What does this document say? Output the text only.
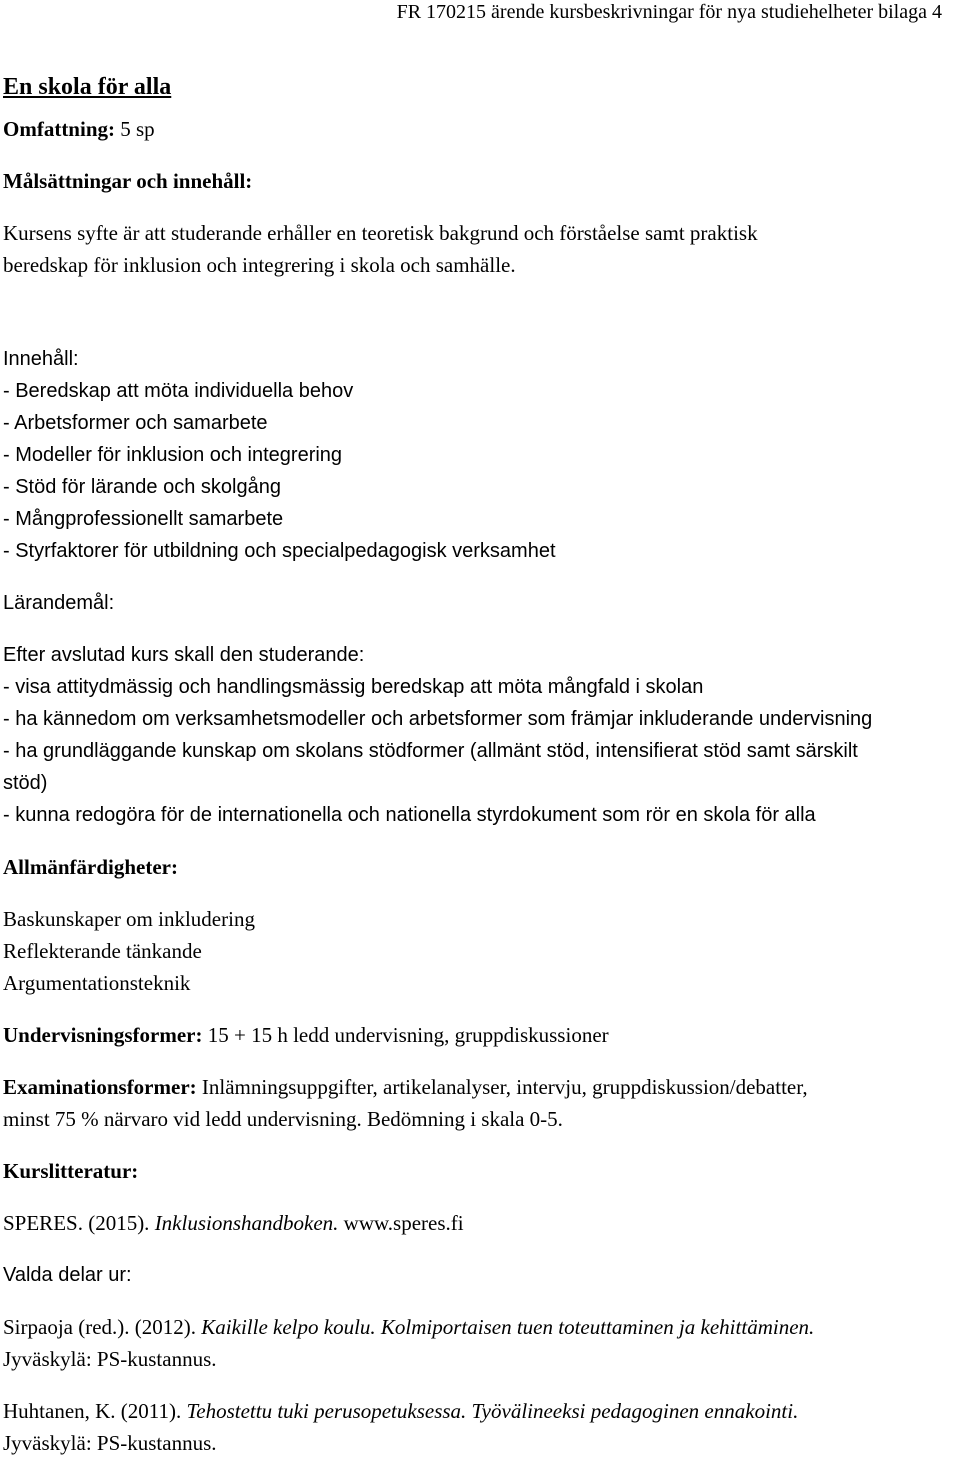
FR 170215 ärende kursbeskrivningar för nya studiehelheter bilaga 4

En skola för alla

Omfattning: 5 sp

Målsättningar och innehåll:

Kursens syfte är att studerande erhåller en teoretisk bakgrund och förståelse samt praktisk

beredskap för inklusion och integrering i skola och samhälle.

Innehåll:

- Beredskap att möta individuella behov

- Arbetsformer och samarbete

- Modeller för inklusion och integrering

- Stöd för lärande och skolgång

- Mångprofessionellt samarbete

- Styrfaktorer för utbildning och specialpedagogisk verksamhet

Lärandemål:

Efter avslutad kurs skall den studerande:

- visa attitydmässig och handlingsmässig beredskap att möta mångfald i skolan

- ha kännedom om verksamhetsmodeller och arbetsformer som främjar inkluderande undervisning

- ha grundläggande kunskap om skolans stödformer (allmänt stöd, intensifierat stöd samt särskilt

stöd)

- kunna redogöra för de internationella och nationella styrdokument som rör en skola för alla

Allmänfärdigheter:

Baskunskaper om inkludering

Reflekterande tänkande

Argumentationsteknik

Undervisningsformer: 15 + 15 h ledd undervisning, gruppdiskussioner

Examinationsformer: Inlämningsuppgifter, artikelanalyser, intervju, gruppdiskussion/debatter,

minst 75 % närvaro vid ledd undervisning. Bedömning i skala 0-5.

Kurslitteratur:

SPERES. (2015). Inklusionshandboken. www.speres.fi

Valda delar ur:

Sirpaoja (red.). (2012). Kaikille kelpo koulu. Kolmiportaisen tuen toteuttaminen ja kehittäminen.

Jyväskylä: PS-kustannus.

Huhtanen, K. (2011). Tehostettu tuki perusopetuksessa. Työvälineeksi pedagoginen ennakointi.

Jyväskylä: PS-kustannus.
